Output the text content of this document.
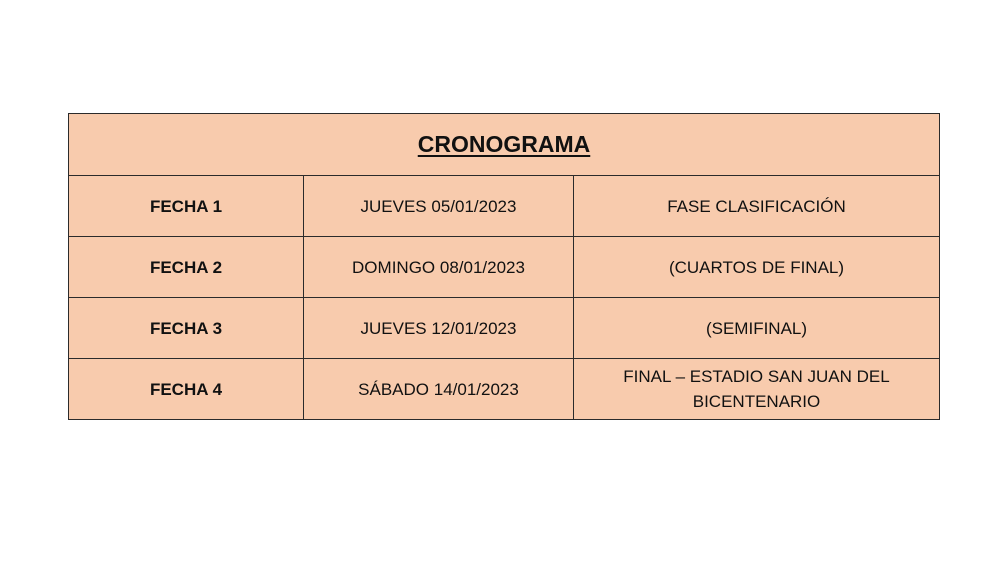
CRONOGRAMA		
FECHA 1	JUEVES 05/01/2023	FASE CLASIFICACIÓN
FECHA 2	DOMINGO 08/01/2023	(CUARTOS DE FINAL)
FECHA 3	JUEVES 12/01/2023	(SEMIFINAL)
FECHA 4	SÁBADO 14/01/2023	FINAL – ESTADIO SAN JUAN DEL BICENTENARIO
